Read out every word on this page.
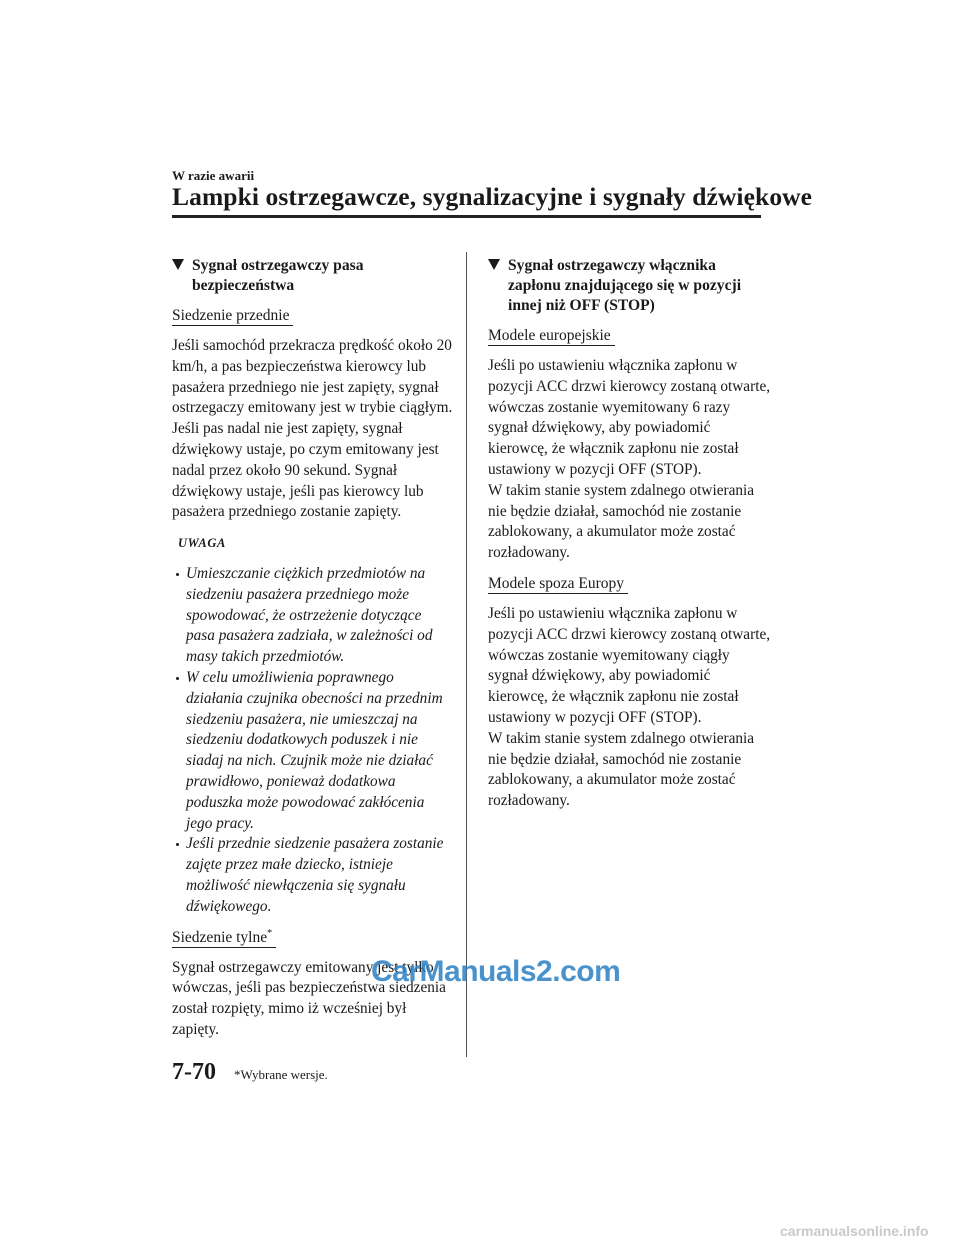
W razie awarii
Lampki ostrzegawcze, sygnalizacyjne i sygnały dźwiękowe
Sygnał ostrzegawczy pasa
bezpieczeństwa
Siedzenie przednie

Jeśli samochód przekracza prędkość około 20 km/h, a pas bezpieczeństwa kierowcy lub pasażera przedniego nie jest zapięty, sygnał ostrzegaczy emitowany jest w trybie ciągłym. Jeśli pas nadal nie jest zapięty, sygnał dźwiękowy ustaje, po czym emitowany jest nadal przez około 90 sekund. Sygnał dźwiękowy ustaje, jeśli pas kierowcy lub pasażera przedniego zostanie zapięty.

UWAGA
Umieszczanie ciężkich przedmiotów na siedzeniu pasażera przedniego może spowodować, że ostrzeżenie dotyczące pasa pasażera zadziała, w zależności od masy takich przedmiotów.
W celu umożliwienia poprawnego działania czujnika obecności na przednim siedzeniu pasażera, nie umieszczaj na siedzeniu dodatkowych poduszek i nie siadaj na nich. Czujnik może nie działać prawidłowo, ponieważ dodatkowa poduszka może powodować zakłócenia jego pracy.
Jeśli przednie siedzenie pasażera zostanie zajęte przez małe dziecko, istnieje możliwość niewłączenia się sygnału dźwiękowego.
Siedzenie tylne*

Sygnał ostrzegawczy emitowany jest tylko wówczas, jeśli pas bezpieczeństwa siedzenia został rozpięty, mimo iż wcześniej był zapięty.

Sygnał ostrzegawczy włącznika zapłonu znajdującego się w pozycji innej niż OFF (STOP)
Modele europejskie

Jeśli po ustawieniu włącznika zapłonu w pozycji ACC drzwi kierowcy zostaną otwarte, wówczas zostanie wyemitowany 6 razy sygnał dźwiękowy, aby powiadomić kierowcę, że włącznik zapłonu nie został ustawiony w pozycji OFF (STOP).
W takim stanie system zdalnego otwierania nie będzie działał, samochód nie zostanie zablokowany, a akumulator może zostać rozładowany.

Modele spoza Europy

Jeśli po ustawieniu włącznika zapłonu w pozycji ACC drzwi kierowcy zostaną otwarte, wówczas zostanie wyemitowany ciągły sygnał dźwiękowy, aby powiadomić kierowcę, że włącznik zapłonu nie został ustawiony w pozycji OFF (STOP).
W takim stanie system zdalnego otwierania nie będzie działał, samochód nie zostanie zablokowany, a akumulator może zostać rozładowany.

CarManuals2.com
7-70 *Wybrane wersje.
carmanualsonline.info
